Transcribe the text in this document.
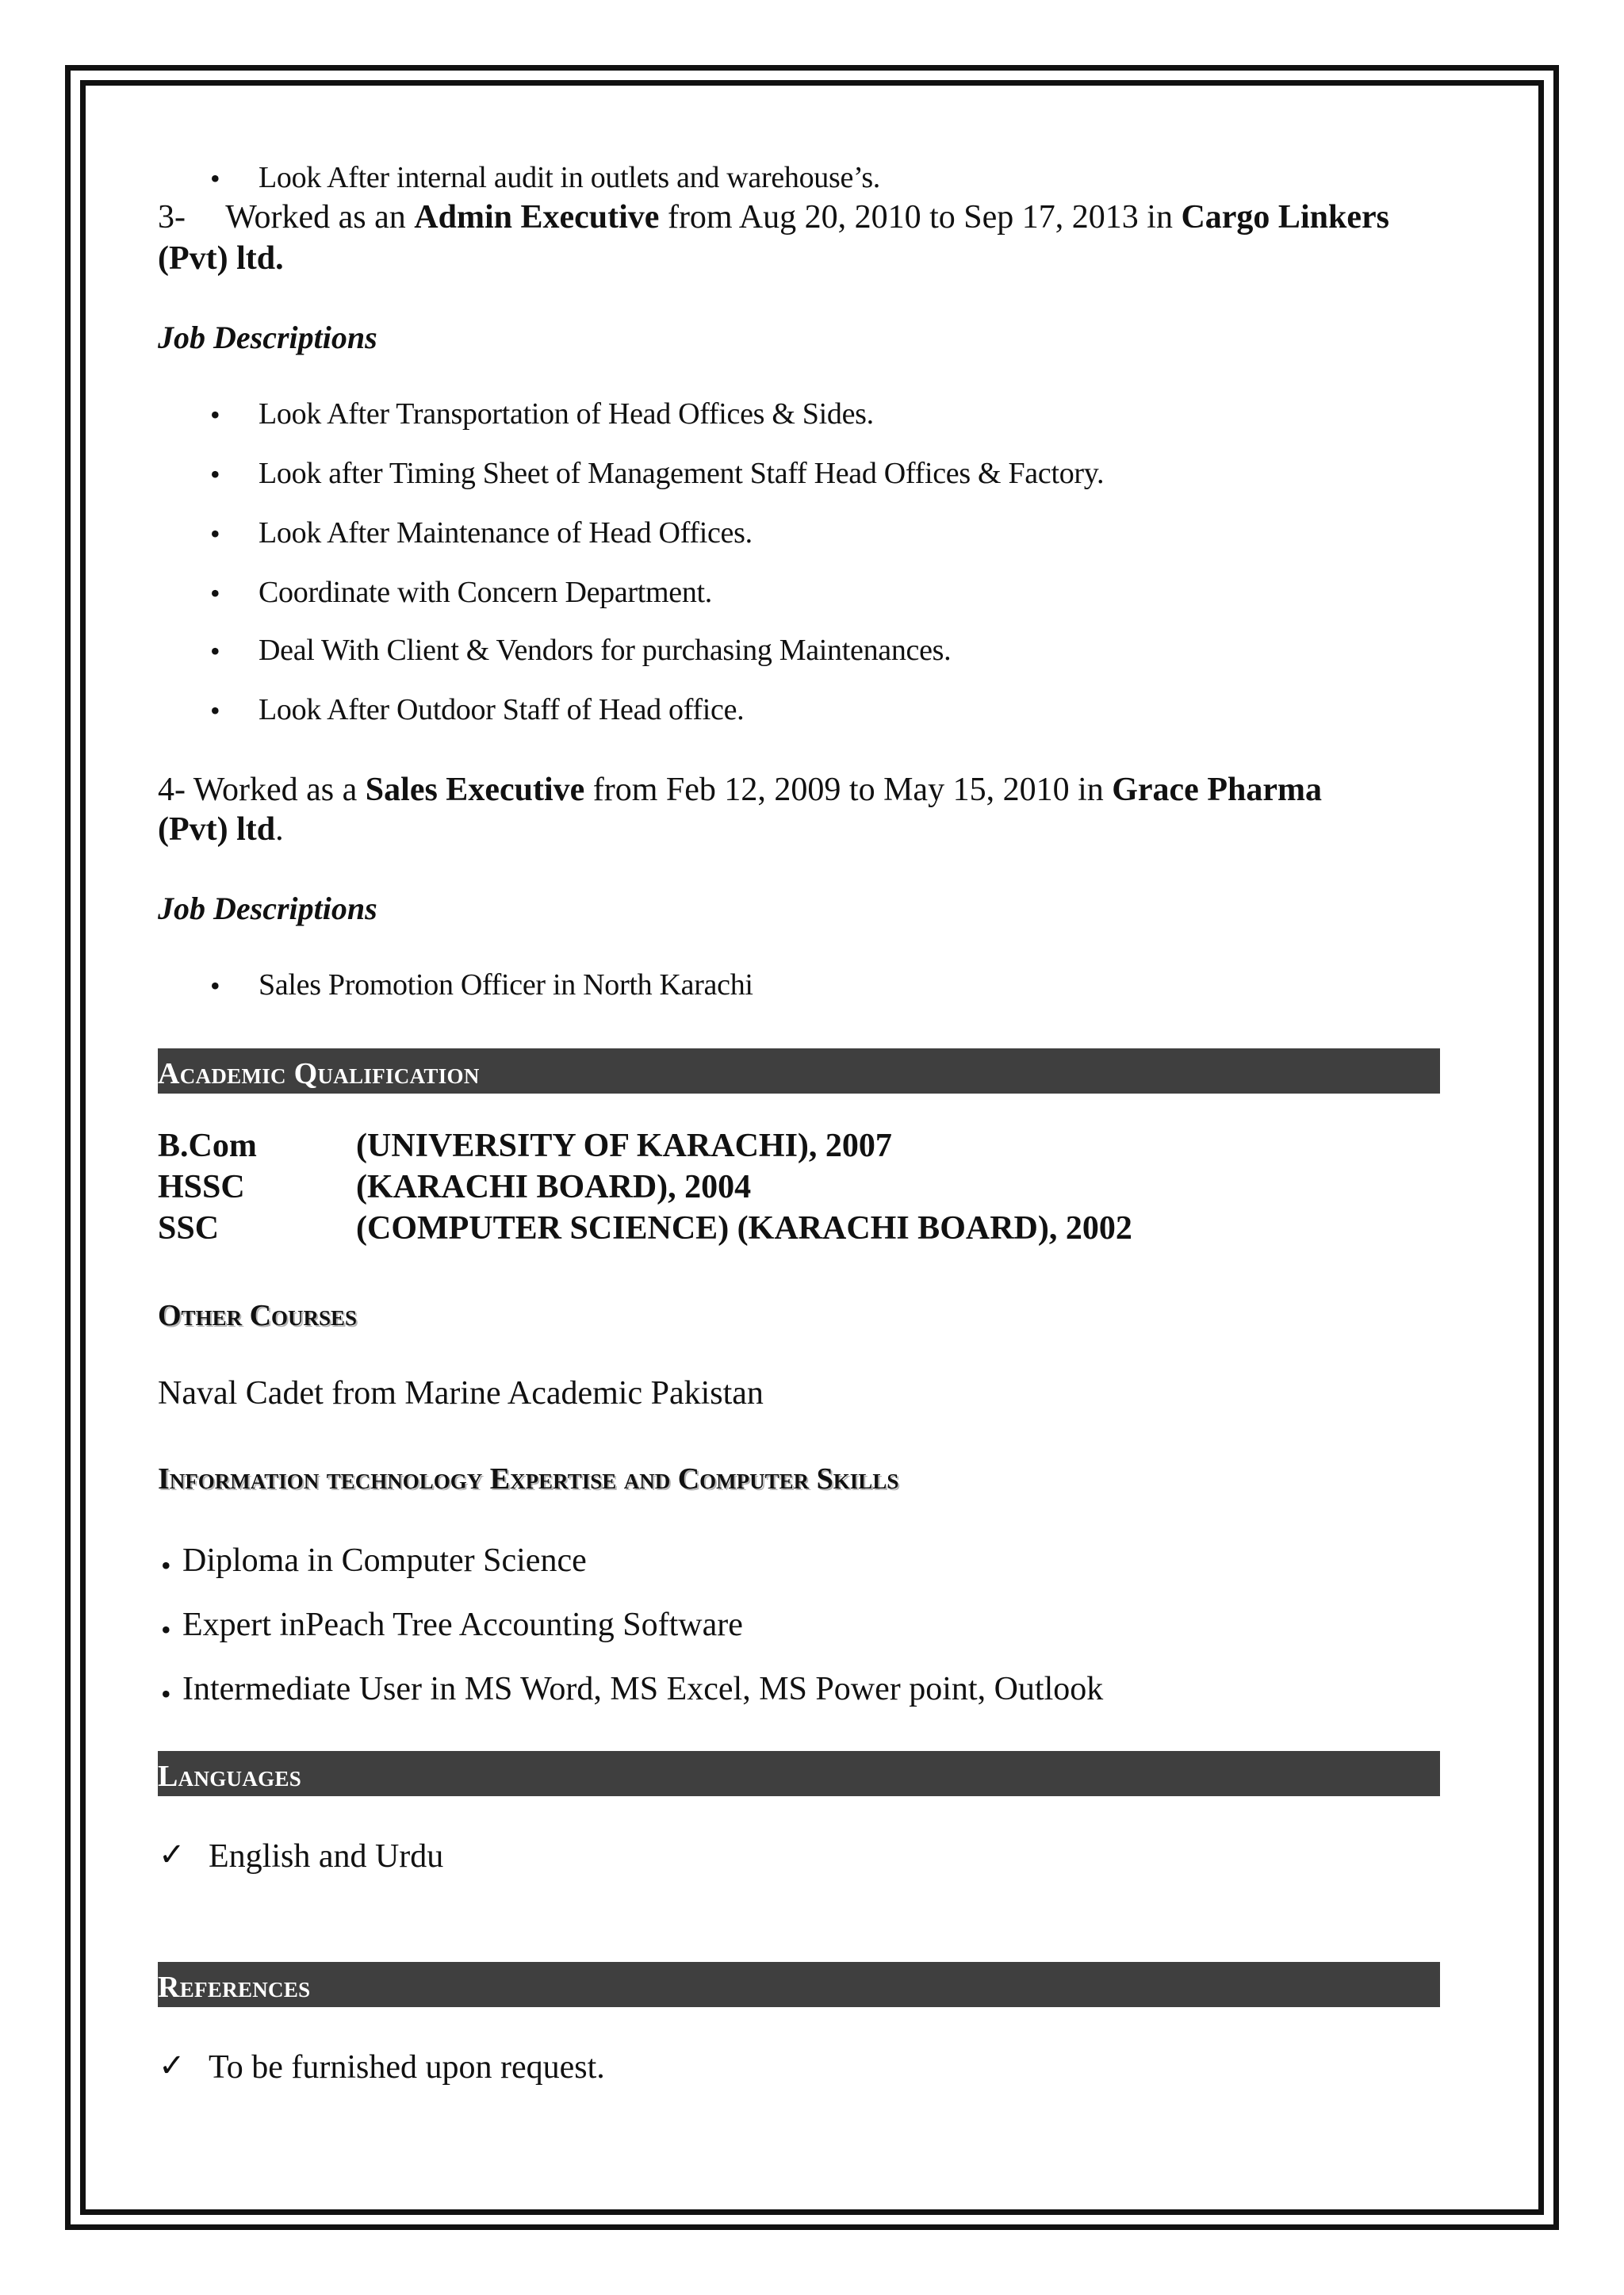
• Look After internal audit in outlets and warehouse’s.
3- Worked as an Admin Executive from Aug 20, 2010 to Sep 17, 2013 in Cargo Linkers
(Pvt) ltd.
Job Descriptions
• Look After Transportation of Head Offices & Sides.
• Look after Timing Sheet of Management Staff Head Offices & Factory.
• Look After Maintenance of Head Offices.
• Coordinate with Concern Department.
• Deal With Client & Vendors for purchasing Maintenances.
• Look After Outdoor Staff of Head office.
4- Worked as a Sales Executive from Feb 12, 2009 to May 15, 2010 in Grace Pharma
(Pvt) ltd.
Job Descriptions
• Sales Promotion Officer in North Karachi
Academic Qualification
B.Com	(UNIVERSITY OF KARACHI), 2007
HSSC	(KARACHI BOARD), 2004
SSC	(COMPUTER SCIENCE) (KARACHI BOARD), 2002
Other Courses
Naval Cadet from Marine Academic Pakistan
Information technology Expertise and Computer Skills
• Diploma in Computer Science
• Expert inPeach Tree Accounting Software
• Intermediate User in MS Word, MS Excel, MS Power point, Outlook
Languages
✓ English and Urdu
References
✓ To be furnished upon request.
